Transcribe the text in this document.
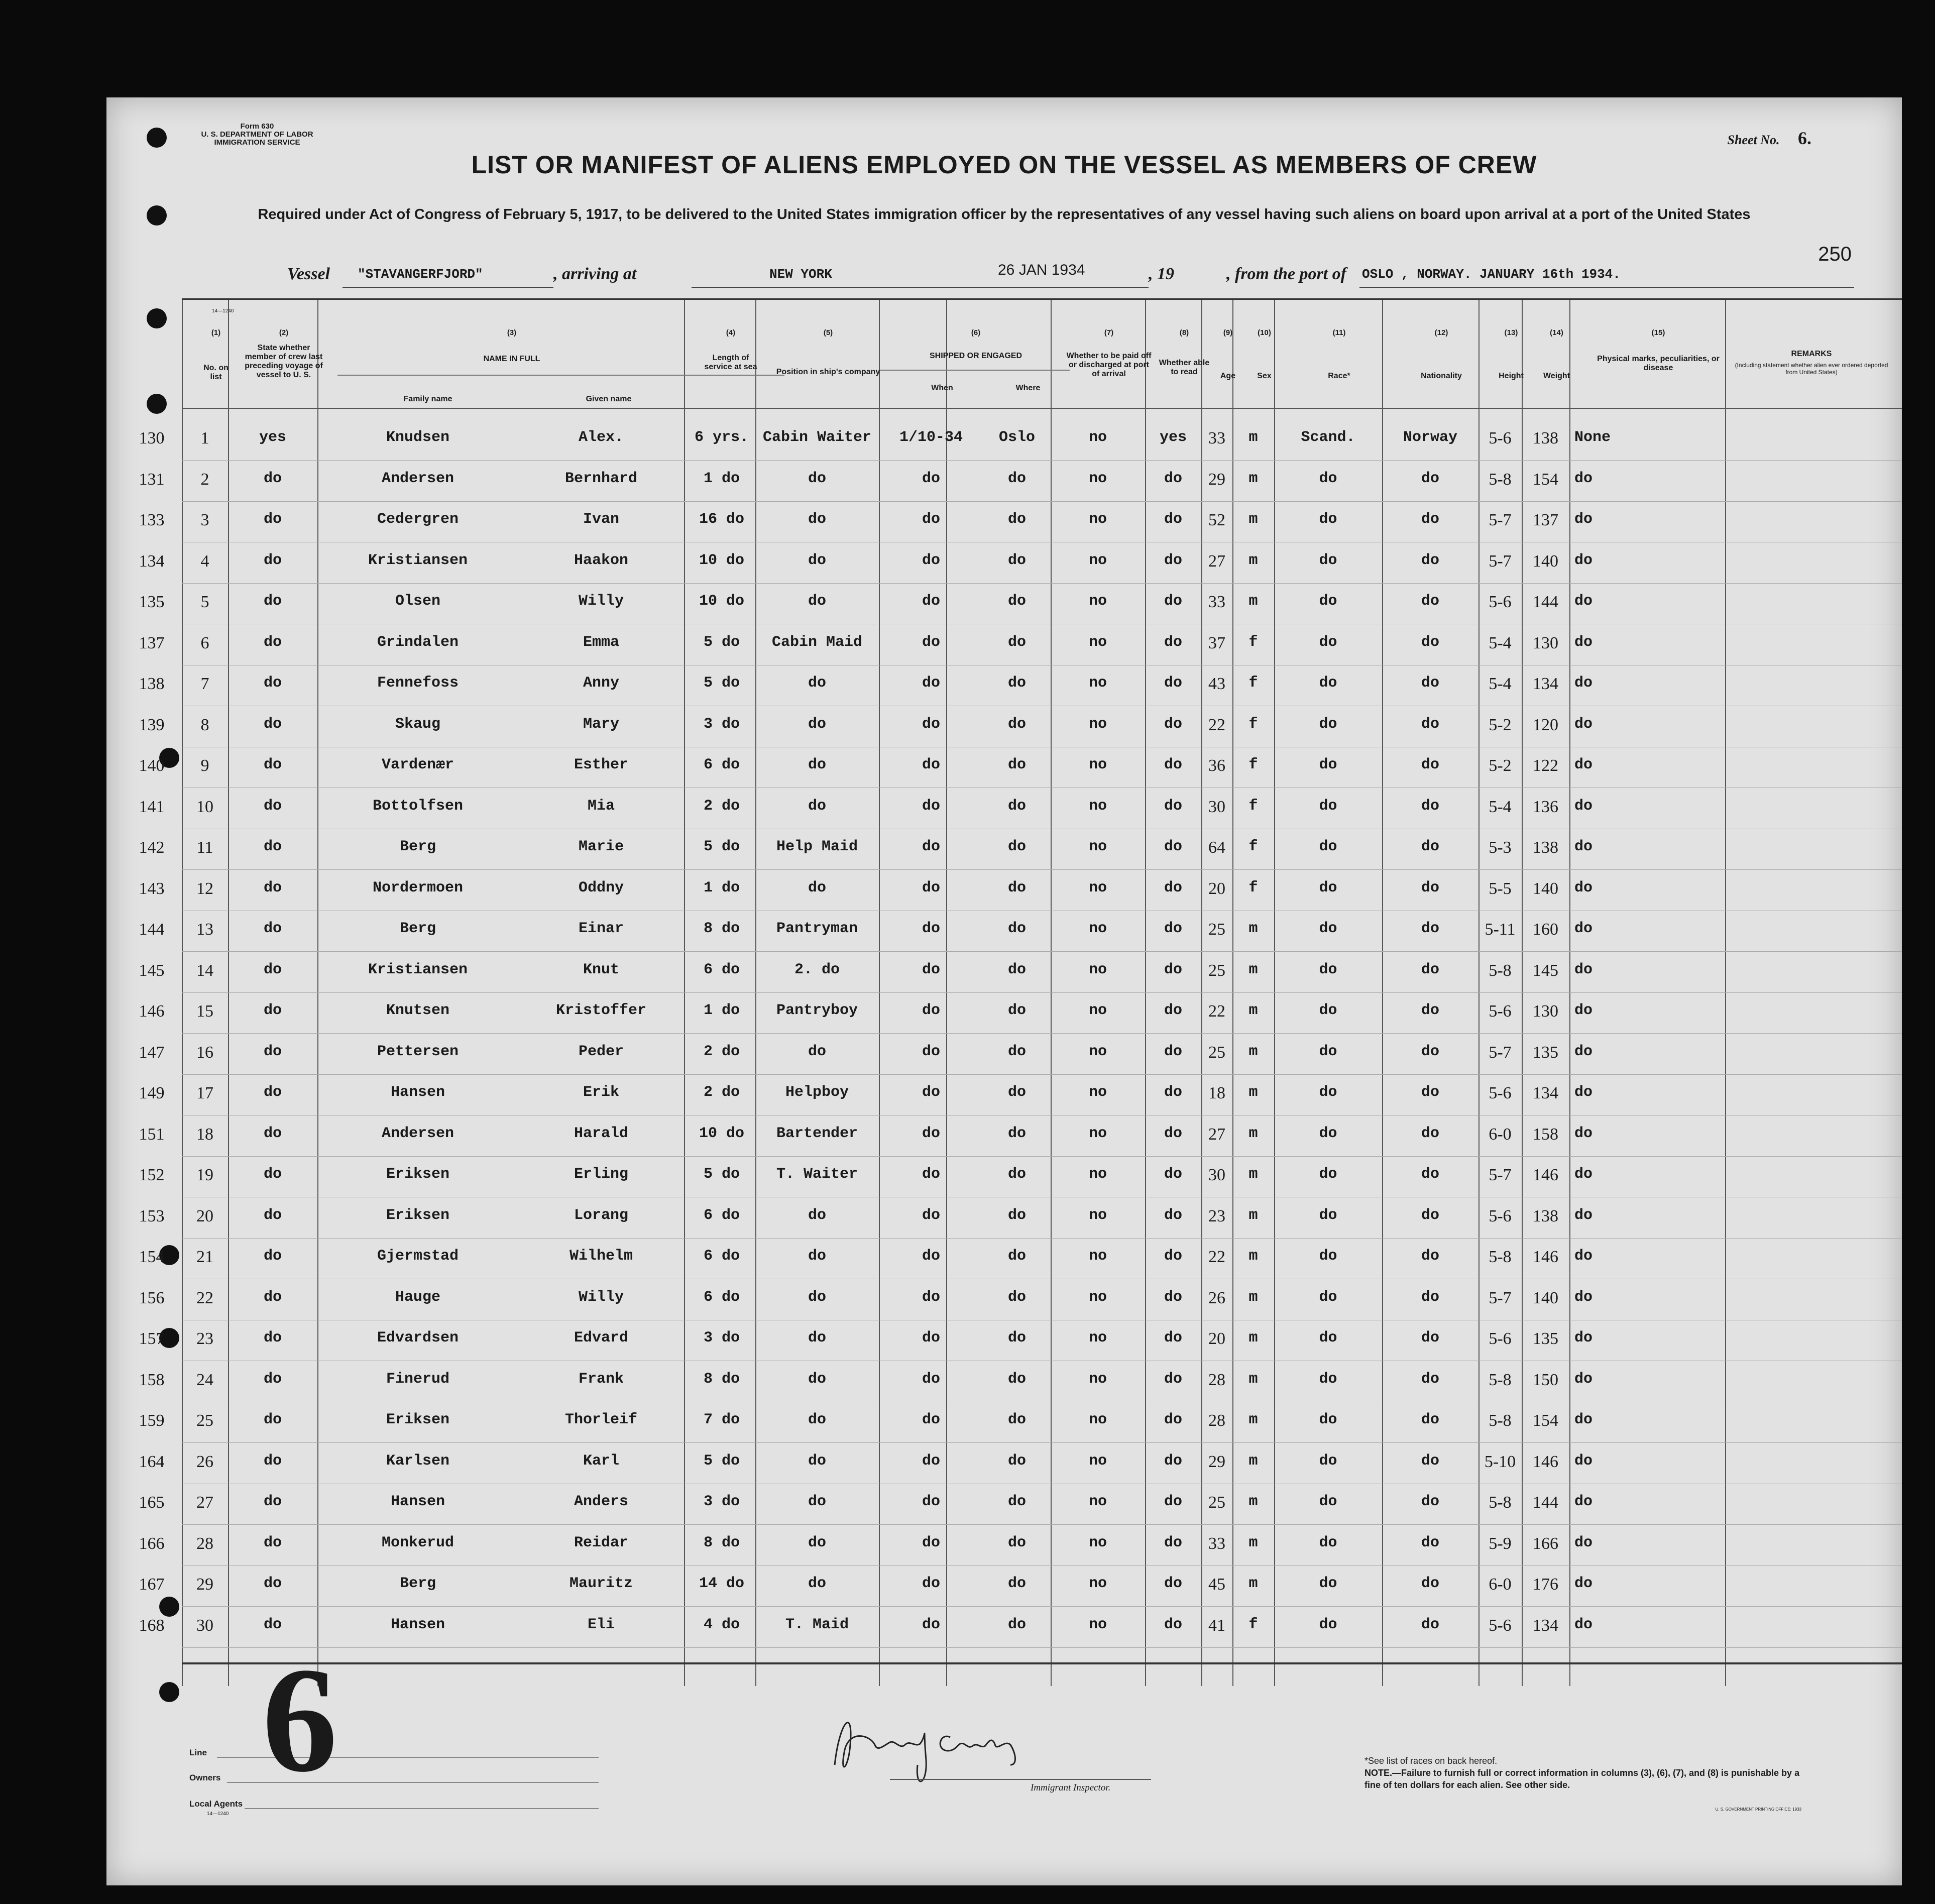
Form 630
U. S. DEPARTMENT OF LABOR
IMMIGRATION SERVICE
14—1240
Sheet No. 6.
LIST OR MANIFEST OF ALIENS EMPLOYED ON THE VESSEL AS MEMBERS OF CREW
Required under Act of Congress of February 5, 1917, to be delivered to the United States immigration officer by the representatives of any vessel having such aliens on board upon arrival at a port of the United States
250
Vessel "STAVANGERFJORD"	, arriving at	NEW YORK	26 JAN 1934	, 19	, from the port of OSLO , NORWAY. JANUARY 16th 1934.
(1)	(2)	(3)	(4)	(5)	(6)	(7)	(8)	(9)	(10)	(11)	(12)	(13)	(14)	(15)
No. on list
State whether member of crew last preceding voyage of vessel to U. S.
NAME IN FULL
Family name	Given name
Length of service at sea
Position in ship's company
SHIPPED OR ENGAGED
When	Where
Whether to be paid off or discharged at port of arrival
Whether able to read	Age	Sex	Race*	Nationality	Height	Weight
Physical marks, peculiarities, or disease
REMARKS
(Including statement whether alien ever ordered deported from United States)
130	1	yes	Knudsen	Alex.	6 yrs. Cabin Waiter	1/10-34	Oslo	no	yes	33	m	Scand.	Norway	5-6	138	None
131	2	do	Andersen	Bernhard	1 do	do	do	do	no	do	29	m	do	do	5-8	154	do
133	3	do	Cedergren	Ivan	16 do	do	do	do	no	do	52	m	do	do	5-7	137	do
134	4	do	Kristiansen	Haakon	10 do	do	do	do	no	do	27	m	do	do	5-7	140	do
135	5	do	Olsen	Willy	10 do	do	do	do	no	do	33	m	do	do	5-6	144	do
137	6	do	Grindalen	Emma	5 do	Cabin Maid	do	do	no	do	37	f	do	do	5-4	130	do
138	7	do	Fennefoss	Anny	5 do	do	do	do	no	do	43	f	do	do	5-4	134	do
139	8	do	Skaug	Mary	3 do	do	do	do	no	do	22	f	do	do	5-2	120	do
140	9	do	Vardenær	Esther	6 do	do	do	do	no	do	36	f	do	do	5-2	122	do
141	10	do	Bottolfsen	Mia	2 do	do	do	do	no	do	30	f	do	do	5-4	136	do
142	11	do	Berg	Marie	5 do	Help Maid	do	do	no	do	64	f	do	do	5-3	138	do
143	12	do	Nordermoen	Oddny	1 do	do	do	do	no	do	20	f	do	do	5-5	140	do
144	13	do	Berg	Einar	8 do	Pantryman	do	do	no	do	25	m	do	do	5-11	160	do
145	14	do	Kristiansen	Knut	6 do	2. do	do	do	no	do	25	m	do	do	5-8	145	do
146	15	do	Knutsen	Kristoffer	1 do	Pantryboy	do	do	no	do	22	m	do	do	5-6	130	do
147	16	do	Pettersen	Peder	2 do	do	do	do	no	do	25	m	do	do	5-7	135	do
149	17	do	Hansen	Erik	2 do	Helpboy	do	do	no	do	18	m	do	do	5-6	134	do
151	18	do	Andersen	Harald	10 do	Bartender	do	do	no	do	27	m	do	do	6-0	158	do
152	19	do	Eriksen	Erling	5 do	T. Waiter	do	do	no	do	30	m	do	do	5-7	146	do
153	20	do	Eriksen	Lorang	6 do	do	do	do	no	do	23	m	do	do	5-6	138	do
154	21	do	Gjermstad	Wilhelm	6 do	do	do	do	no	do	22	m	do	do	5-8	146	do
156	22	do	Hauge	Willy	6 do	do	do	do	no	do	26	m	do	do	5-7	140	do
157	23	do	Edvardsen	Edvard	3 do	do	do	do	no	do	20	m	do	do	5-6	135	do
158	24	do	Finerud	Frank	8 do	do	do	do	no	do	28	m	do	do	5-8	150	do
159	25	do	Eriksen	Thorleif	7 do	do	do	do	no	do	28	m	do	do	5-8	154	do
164	26	do	Karlsen	Karl	5 do	do	do	do	no	do	29	m	do	do	5-10 146	do
165	27	do	Hansen	Anders	3 do	do	do	do	no	do	25	m	do	do	5-8	144	do
166	28	do	Monkerud	Reidar	8 do	do	do	do	no	do	33	m	do	do	5-9	166	do
167	29	do	Berg	Mauritz	14 do	do	do	do	no	do	45	m	do	do	6-0	176	do
168	30	do	Hansen	Eli	4 do	T. Maid	do	do	no	do	41	f	do	do	5-6	134	do
Line
Owners
Local Agents
14—1240
6	Immigrant Inspector.
*See list of races on back hereof.
NOTE.—Failure to furnish full or correct information in columns (3), (6), (7), and (8) is punishable by a fine of ten dollars for each alien. See other side.
U. S. GOVERNMENT PRINTING OFFICE: 1933
